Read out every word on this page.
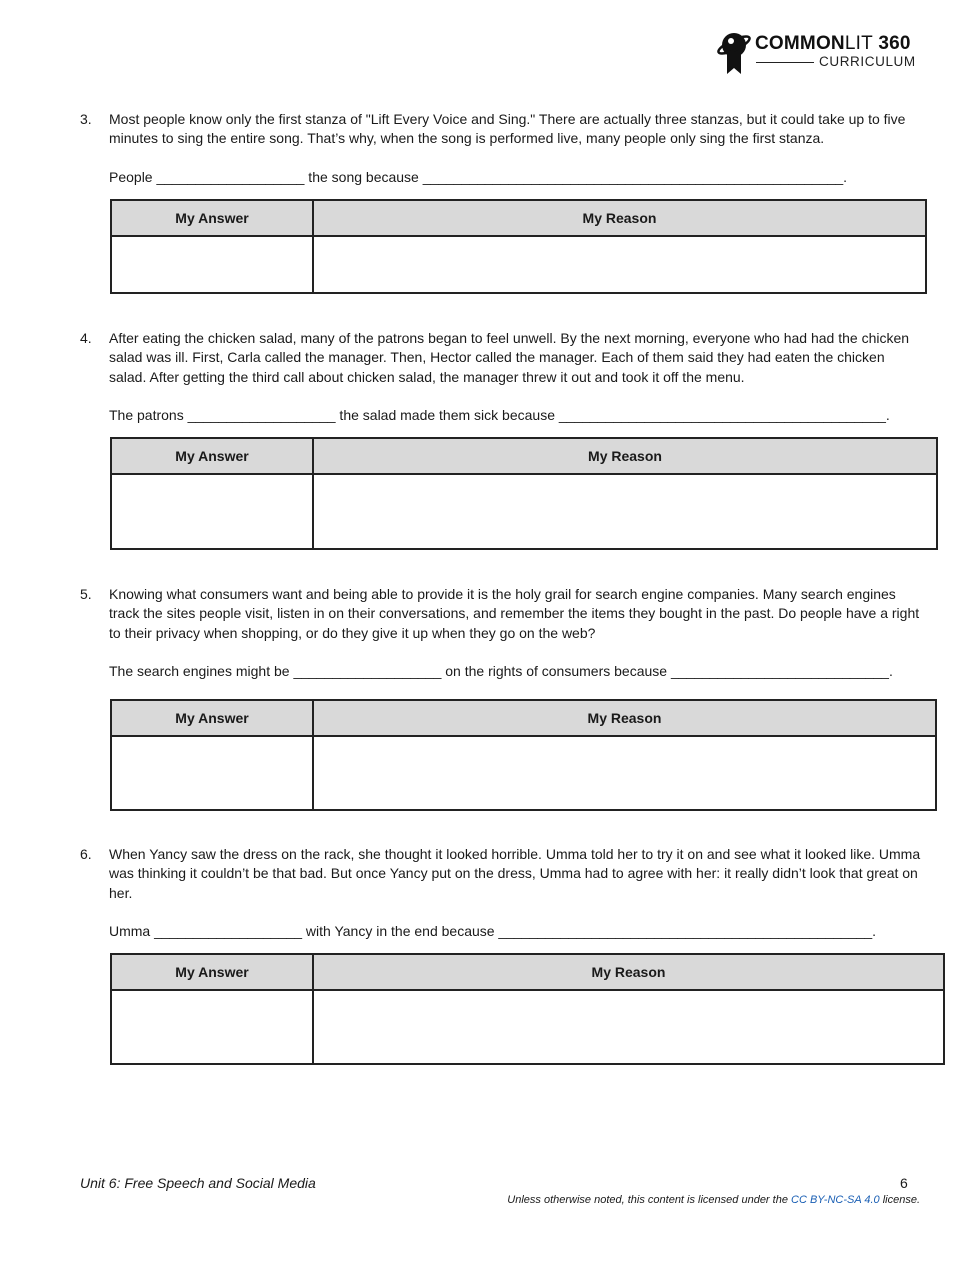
COMMONLIT 360
CURRICULUM
3. Most people know only the first stanza of "Lift Every Voice and Sing." There are actually three stanzas, but it could take up to five minutes to sing the entire song. That’s why, when the song is performed live, many people only sing the first stanza.
People ___________________ the song because ______________________________________________________.
My Answer	My Reason

4. After eating the chicken salad, many of the patrons began to feel unwell. By the next morning, everyone who had had the chicken salad was ill. First, Carla called the manager. Then, Hector called the manager. Each of them said they had eaten the chicken salad. After getting the third call about chicken salad, the manager threw it out and took it off the menu.
The patrons ___________________ the salad made them sick because __________________________________________.
My Answer	My Reason

5. Knowing what consumers want and being able to provide it is the holy grail for search engine companies. Many search engines track the sites people visit, listen in on their conversations, and remember the items they bought in the past. Do people have a right to their privacy when shopping, or do they give it up when they go on the web?
The search engines might be ___________________ on the rights of consumers because ____________________________.
My Answer	My Reason

6. When Yancy saw the dress on the rack, she thought it looked horrible. Umma told her to try it on and see what it looked like. Umma was thinking it couldn’t be that bad. But once Yancy put on the dress, Umma had to agree with her: it really didn’t look that great on her.
Umma ___________________ with Yancy in the end because ________________________________________________.
My Answer	My Reason

Unit 6: Free Speech and Social Media	6
Unless otherwise noted, this content is licensed under the CC BY-NC-SA 4.0 license.
